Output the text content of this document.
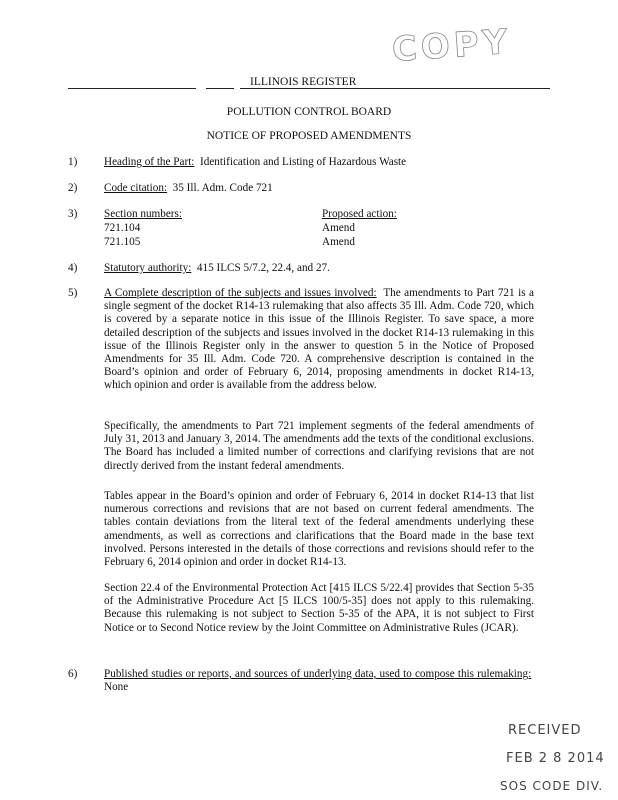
COPY
ILLINOIS REGISTER
POLLUTION CONTROL BOARD
NOTICE OF PROPOSED AMENDMENTS
1) Heading of the Part: Identification and Listing of Hazardous Waste
2) Code citation: 35 Ill. Adm. Code 721
3) Section numbers:	Proposed action:
721.104	Amend
721.105	Amend
4) Statutory authority: 415 ILCS 5/7.2, 22.4, and 27.
5) A Complete description of the subjects and issues involved: The amendments to Part 721 is a single segment of the docket R14-13 rulemaking that also affects 35 Ill. Adm. Code 720, which is covered by a separate notice in this issue of the Illinois Register. To save space, a more detailed description of the subjects and issues involved in the docket R14-13 rulemaking in this issue of the Illinois Register only in the answer to question 5 in the Notice of Proposed Amendments for 35 Ill. Adm. Code 720. A comprehensive description is contained in the Board’s opinion and order of February 6, 2014, proposing amendments in docket R14-13, which opinion and order is available from the address below.
Specifically, the amendments to Part 721 implement segments of the federal amendments of July 31, 2013 and January 3, 2014. The amendments add the texts of the conditional exclusions. The Board has included a limited number of corrections and clarifying revisions that are not directly derived from the instant federal amendments.
Tables appear in the Board’s opinion and order of February 6, 2014 in docket R14-13 that list numerous corrections and revisions that are not based on current federal amendments. The tables contain deviations from the literal text of the federal amendments underlying these amendments, as well as corrections and clarifications that the Board made in the base text involved. Persons interested in the details of those corrections and revisions should refer to the February 6, 2014 opinion and order in docket R14-13.
Section 22.4 of the Environmental Protection Act [415 ILCS 5/22.4] provides that Section 5-35 of the Administrative Procedure Act [5 ILCS 100/5-35] does not apply to this rulemaking. Because this rulemaking is not subject to Section 5-35 of the APA, it is not subject to First Notice or to Second Notice review by the Joint Committee on Administrative Rules (JCAR).
6) Published studies or reports, and sources of underlying data, used to compose this rulemaking:  None
RECEIVED
FEB 2 8 2014
SOS CODE DIV.
